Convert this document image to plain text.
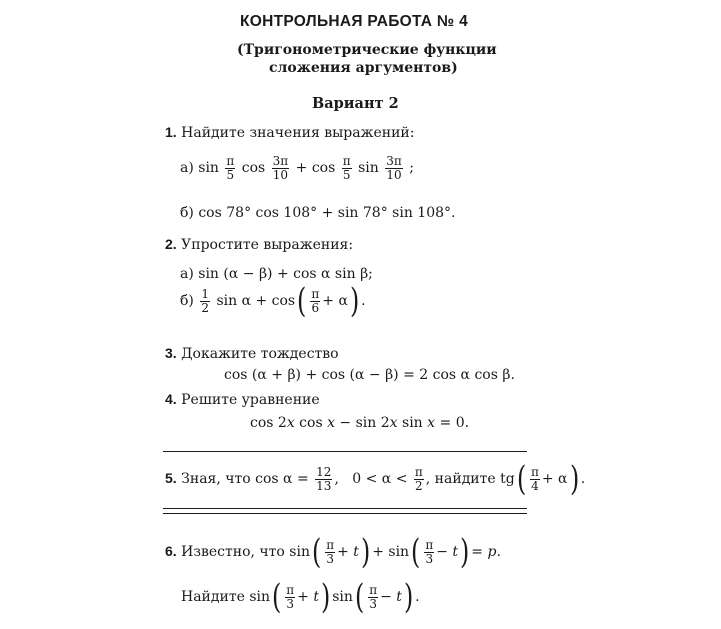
КОНТРОЛЬНАЯ РАБОТА № 4
(Тригонометрические функции
сложения аргументов)
Вариант 2
1. Найдите значения выражений:
а) $\sin \frac{\pi}{5}$ $\cos \frac{3\pi}{10} + \cos \frac{\pi}{5}$ $\sin \frac{3\pi}{10}$ ;
б) cos 78° cos 108° + sin 78° sin 108°.
2. Упростите выражения:
а) sin (α − β) + cos α sin β;
$б) \frac{1}{2}$ $\sin \alpha + \cos( \frac{\pi}{6} + \alpha)$ .
3. Докажите тождество
cos (α + β) + cos (α − β) = 2 cos α cos β.
4. Решите уравнение
cos 2x cos x − sin 2x sin x = 0.
5. Зная, что $\cos \alpha = \frac{12}{13}$ , $0 < \alpha < \frac{\pi}{2}$ , найдите $tg( \frac{\pi}{4} + \alpha)$ .
6. Известно, что $\sin( \frac{\pi}{3} + t) + \sin( \frac{\pi}{3} - t) = p$.
Найдите $\sin( \frac{\pi}{3} + t)$ $\sin( \frac{\pi}{3} - t)$ .
